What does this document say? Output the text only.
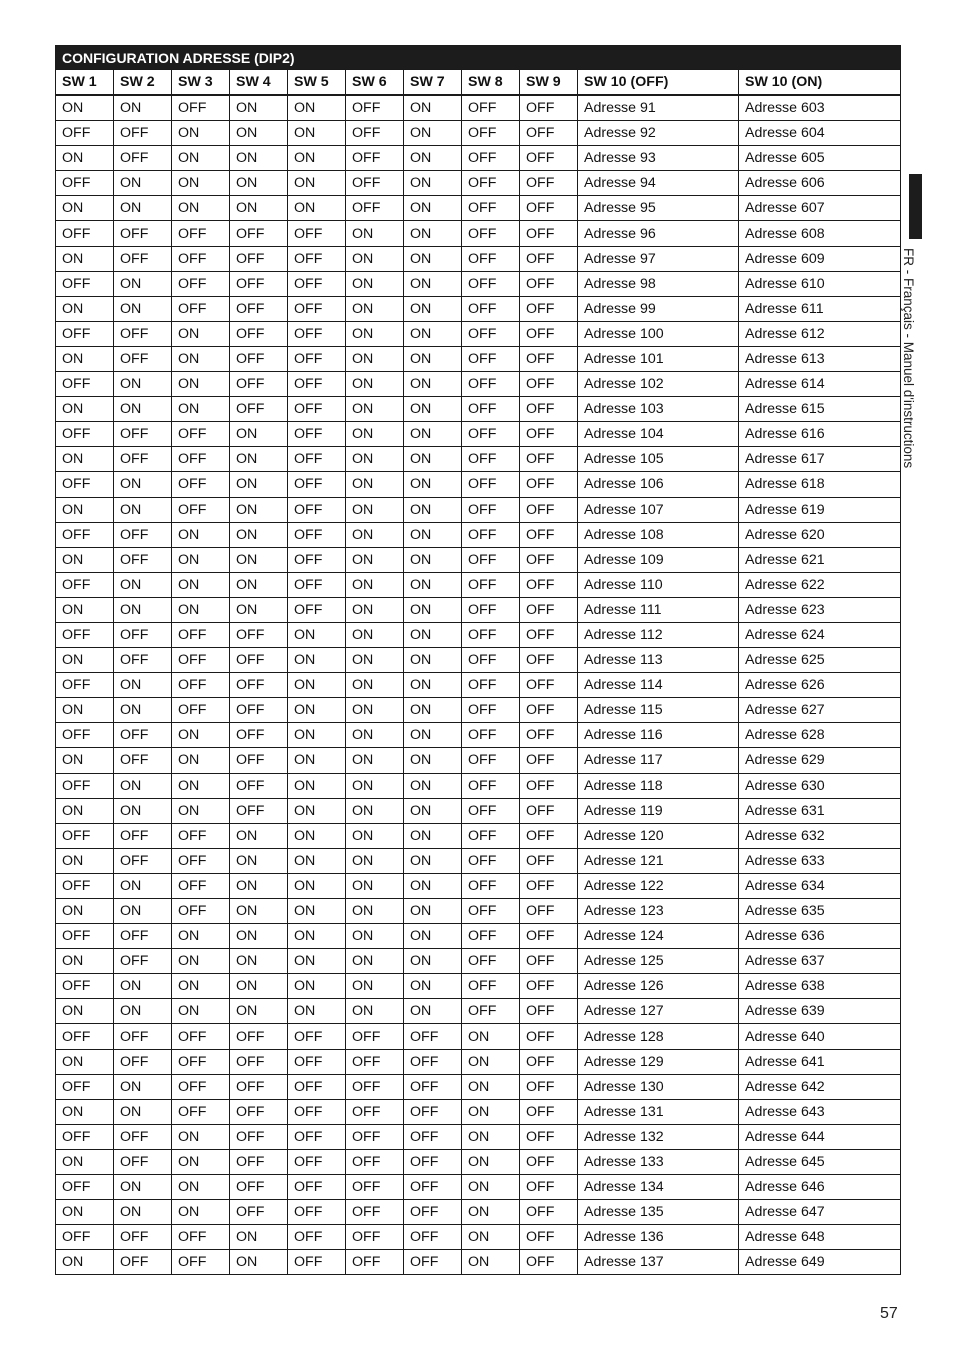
CONFIGURATION ADRESSE (DIP2)										
SW 1	SW 2	SW 3	SW 4	SW 5	SW 6	SW 7	SW 8	SW 9	SW 10 (OFF)	SW 10 (ON)
ON	ON	OFF	ON	ON	OFF	ON	OFF	OFF	Adresse 91	Adresse 603
OFF	OFF	ON	ON	ON	OFF	ON	OFF	OFF	Adresse 92	Adresse 604
ON	OFF	ON	ON	ON	OFF	ON	OFF	OFF	Adresse 93	Adresse 605
OFF	ON	ON	ON	ON	OFF	ON	OFF	OFF	Adresse 94	Adresse 606
ON	ON	ON	ON	ON	OFF	ON	OFF	OFF	Adresse 95	Adresse 607
OFF	OFF	OFF	OFF	OFF	ON	ON	OFF	OFF	Adresse 96	Adresse 608
ON	OFF	OFF	OFF	OFF	ON	ON	OFF	OFF	Adresse 97	Adresse 609
OFF	ON	OFF	OFF	OFF	ON	ON	OFF	OFF	Adresse 98	Adresse 610
ON	ON	OFF	OFF	OFF	ON	ON	OFF	OFF	Adresse 99	Adresse 611
OFF	OFF	ON	OFF	OFF	ON	ON	OFF	OFF	Adresse 100	Adresse 612
ON	OFF	ON	OFF	OFF	ON	ON	OFF	OFF	Adresse 101	Adresse 613
OFF	ON	ON	OFF	OFF	ON	ON	OFF	OFF	Adresse 102	Adresse 614
ON	ON	ON	OFF	OFF	ON	ON	OFF	OFF	Adresse 103	Adresse 615
OFF	OFF	OFF	ON	OFF	ON	ON	OFF	OFF	Adresse 104	Adresse 616
ON	OFF	OFF	ON	OFF	ON	ON	OFF	OFF	Adresse 105	Adresse 617
OFF	ON	OFF	ON	OFF	ON	ON	OFF	OFF	Adresse 106	Adresse 618
ON	ON	OFF	ON	OFF	ON	ON	OFF	OFF	Adresse 107	Adresse 619
OFF	OFF	ON	ON	OFF	ON	ON	OFF	OFF	Adresse 108	Adresse 620
ON	OFF	ON	ON	OFF	ON	ON	OFF	OFF	Adresse 109	Adresse 621
OFF	ON	ON	ON	OFF	ON	ON	OFF	OFF	Adresse 110	Adresse 622
ON	ON	ON	ON	OFF	ON	ON	OFF	OFF	Adresse 111	Adresse 623
OFF	OFF	OFF	OFF	ON	ON	ON	OFF	OFF	Adresse 112	Adresse 624
ON	OFF	OFF	OFF	ON	ON	ON	OFF	OFF	Adresse 113	Adresse 625
OFF	ON	OFF	OFF	ON	ON	ON	OFF	OFF	Adresse 114	Adresse 626
ON	ON	OFF	OFF	ON	ON	ON	OFF	OFF	Adresse 115	Adresse 627
OFF	OFF	ON	OFF	ON	ON	ON	OFF	OFF	Adresse 116	Adresse 628
ON	OFF	ON	OFF	ON	ON	ON	OFF	OFF	Adresse 117	Adresse 629
OFF	ON	ON	OFF	ON	ON	ON	OFF	OFF	Adresse 118	Adresse 630
ON	ON	ON	OFF	ON	ON	ON	OFF	OFF	Adresse 119	Adresse 631
OFF	OFF	OFF	ON	ON	ON	ON	OFF	OFF	Adresse 120	Adresse 632
ON	OFF	OFF	ON	ON	ON	ON	OFF	OFF	Adresse 121	Adresse 633
OFF	ON	OFF	ON	ON	ON	ON	OFF	OFF	Adresse 122	Adresse 634
ON	ON	OFF	ON	ON	ON	ON	OFF	OFF	Adresse 123	Adresse 635
OFF	OFF	ON	ON	ON	ON	ON	OFF	OFF	Adresse 124	Adresse 636
ON	OFF	ON	ON	ON	ON	ON	OFF	OFF	Adresse 125	Adresse 637
OFF	ON	ON	ON	ON	ON	ON	OFF	OFF	Adresse 126	Adresse 638
ON	ON	ON	ON	ON	ON	ON	OFF	OFF	Adresse 127	Adresse 639
OFF	OFF	OFF	OFF	OFF	OFF	OFF	ON	OFF	Adresse 128	Adresse 640
ON	OFF	OFF	OFF	OFF	OFF	OFF	ON	OFF	Adresse 129	Adresse 641
OFF	ON	OFF	OFF	OFF	OFF	OFF	ON	OFF	Adresse 130	Adresse 642
ON	ON	OFF	OFF	OFF	OFF	OFF	ON	OFF	Adresse 131	Adresse 643
OFF	OFF	ON	OFF	OFF	OFF	OFF	ON	OFF	Adresse 132	Adresse 644
ON	OFF	ON	OFF	OFF	OFF	OFF	ON	OFF	Adresse 133	Adresse 645
OFF	ON	ON	OFF	OFF	OFF	OFF	ON	OFF	Adresse 134	Adresse 646
ON	ON	ON	OFF	OFF	OFF	OFF	ON	OFF	Adresse 135	Adresse 647
OFF	OFF	OFF	ON	OFF	OFF	OFF	ON	OFF	Adresse 136	Adresse 648
ON	OFF	OFF	ON	OFF	OFF	OFF	ON	OFF	Adresse 137	Adresse 649
FR - Français - Manuel d'instructions
57
